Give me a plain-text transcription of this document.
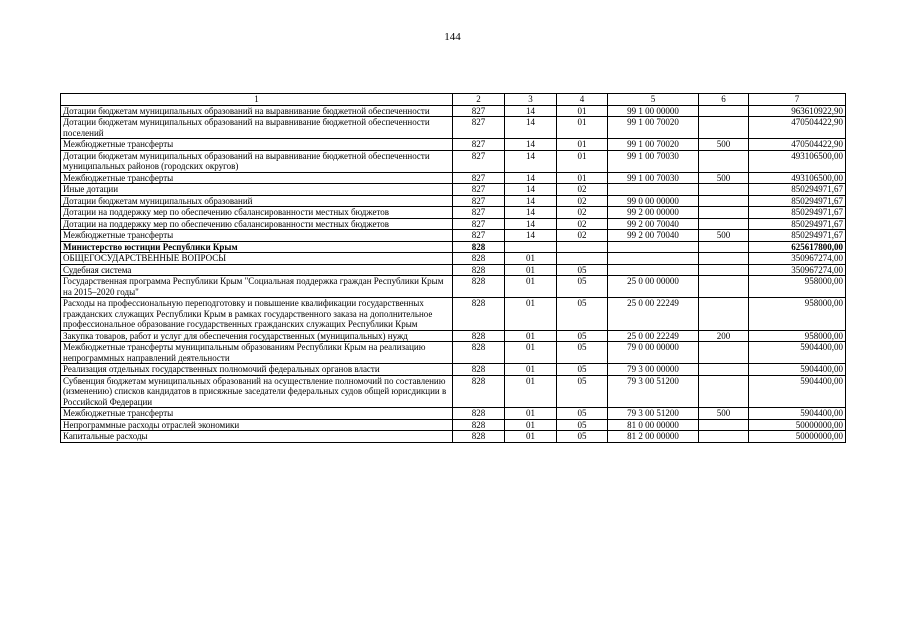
144
1	2	3	4	5	6	7
Дотации бюджетам муниципальных образований на выравнивание бюджетной обеспеченности	827	14	01	99 1 00 00000		963610922,90
Дотации бюджетам муниципальных образований на выравнивание бюджетной обеспеченности поселений	827	14	01	99 1 00 70020		470504422,90
Межбюджетные трансферты	827	14	01	99 1 00 70020	500	470504422,90
Дотации бюджетам муниципальных образований на выравнивание бюджетной обеспеченности муниципальных районов (городских округов)	827	14	01	99 1 00 70030		493106500,00
Межбюджетные трансферты	827	14	01	99 1 00 70030	500	493106500,00
Иные дотации	827	14	02			850294971,67
Дотации бюджетам муниципальных образований	827	14	02	99 0 00 00000		850294971,67
Дотации на поддержку мер по обеспечению сбалансированности местных бюджетов	827	14	02	99 2 00 00000		850294971,67
Дотации на поддержку мер по обеспечению сбалансированности местных бюджетов	827	14	02	99 2 00 70040		850294971,67
Межбюджетные трансферты	827	14	02	99 2 00 70040	500	850294971,67
Министерство юстиции Республики Крым	828					625617800,00
ОБЩЕГОСУДАРСТВЕННЫЕ ВОПРОСЫ	828	01				350967274,00
Судебная система	828	01	05			350967274,00
Государственная программа Республики Крым "Социальная поддержка граждан Республики Крым на 2015–2020 годы"	828	01	05	25 0 00 00000		958000,00
Расходы на профессиональную переподготовку и повышение квалификации государственных гражданских служащих Республики Крым в рамках государственного заказа на дополнительное профессиональное образование государственных гражданских служащих Республики Крым	828	01	05	25 0 00 22249		958000,00
Закупка товаров, работ и услуг для обеспечения государственных (муниципальных) нужд	828	01	05	25 0 00 22249	200	958000,00
Межбюджетные трансферты муниципальным образованиям Республики Крым на реализацию непрограммных направлений деятельности	828	01	05	79 0 00 00000		5904400,00
Реализация отдельных государственных полномочий федеральных органов власти	828	01	05	79 3 00 00000		5904400,00
Субвенция бюджетам муниципальных образований на осуществление полномочий по составлению (изменению) списков кандидатов в присяжные заседатели федеральных судов общей юрисдикции в Российской Федерации	828	01	05	79 3 00 51200		5904400,00
Межбюджетные трансферты	828	01	05	79 3 00 51200	500	5904400,00
Непрограммные расходы отраслей экономики	828	01	05	81 0 00 00000		50000000,00
Капитальные расходы	828	01	05	81 2 00 00000		50000000,00
